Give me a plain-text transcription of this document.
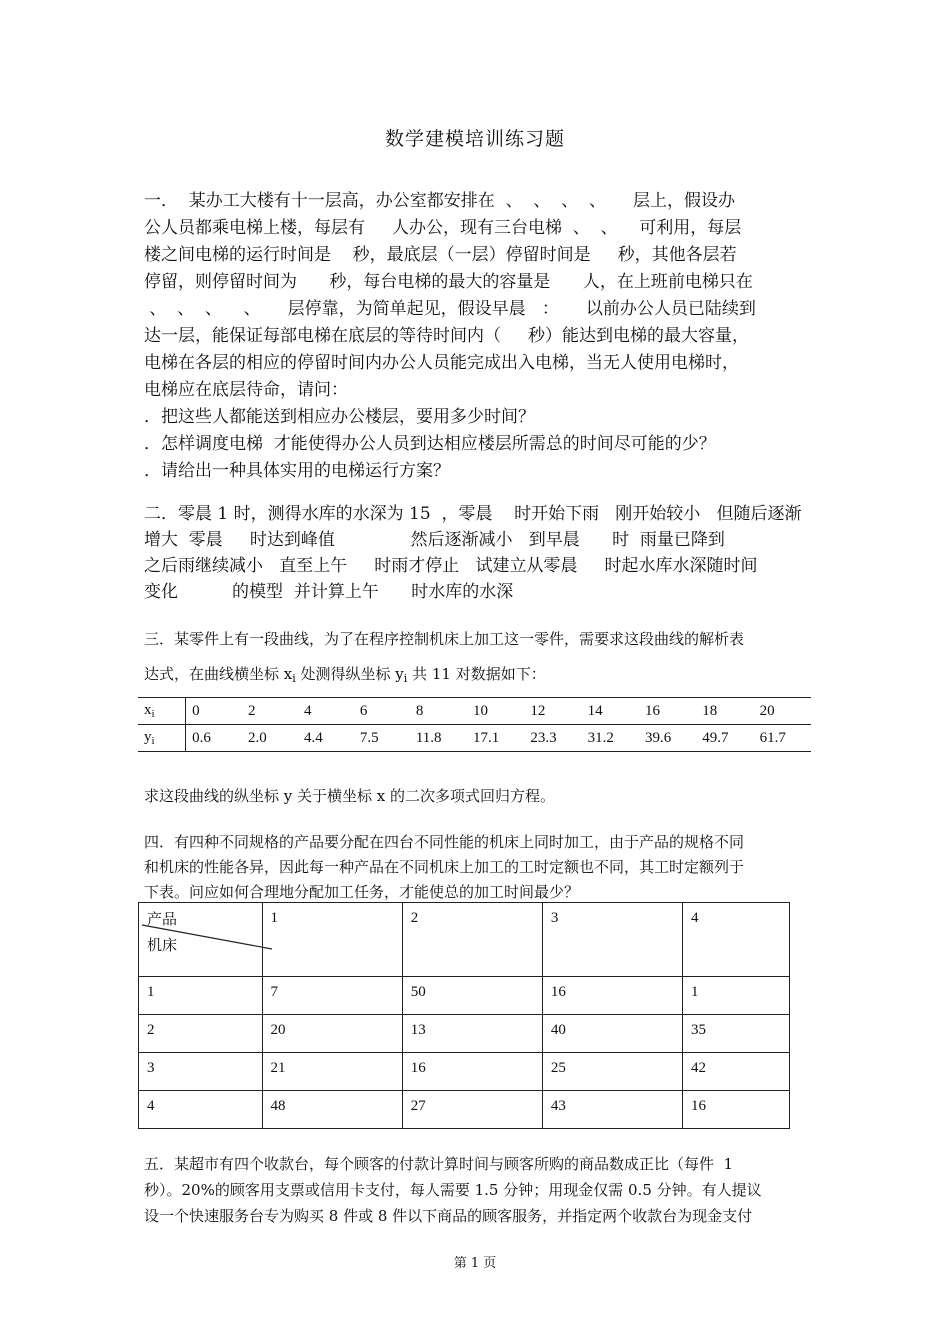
数学建模培训练习题
一．  某办工大楼有十一层高，办公室都安排在  、  、  、  、     层上，假设办
公人员都乘电梯上楼，每层有     人办公，现有三台电梯  、  、    可利用，每层
楼之间电梯的运行时间是    秒，最底层（一层）停留时间是     秒，其他各层若
停留，则停留时间为      秒，每台电梯的最大的容量是      人，在上班前电梯只在
、  、  、    、     层停靠，为简单起见，假设早晨   ：     以前办公人员已陆续到
达一层，能保证每部电梯在底层的等待时间内（     秒）能达到电梯的最大容量，
电梯在各层的相应的停留时间内办公人员能完成出入电梯，当无人使用电梯时，
电梯应在底层待命，请问：
．把这些人都能送到相应办公楼层，要用多少时间？
．怎样调度电梯  才能使得办公人员到达相应楼层所需总的时间尽可能的少？
．请给出一种具体实用的电梯运行方案？
二．零晨 1 时，测得水库的水深为 15  ，零晨    时开始下雨   刚开始较小   但随后逐渐
增大  零晨     时达到峰值              然后逐渐减小   到早晨      时  雨量已降到
之后雨继续减小   直至上午     时雨才停止   试建立从零晨     时起水库水深随时间
变化          的模型  并计算上午      时水库的水深
三．某零件上有一段曲线，为了在程序控制机床上加工这一零件，需要求这段曲线的解析表
达式，在曲线横坐标 $x_i$ 处测得纵坐标 $y_i$ 共 11 对数据如下：
$x_i$	0	2	4	6	8	10	12	14	16	18	20
$y_i$	0.6	2.0	4.4	7.5	11.8	17.1	23.3	31.2	39.6	49.7	61.7
求这段曲线的纵坐标 y 关于横坐标 x 的二次多项式回归方程。
四．有四种不同规格的产品要分配在四台不同性能的机床上同时加工，由于产品的规格不同
和机床的性能各异，因此每一种产品在不同机床上加工的工时定额也不同，其工时定额列于
下表。问应如何合理地分配加工任务，才能使总的加工时间最少？
产品
机床	1	2	3	4
1	7	50	16	1
2	20	13	40	35
3	21	16	25	42
4	48	27	43	16
五．某超市有四个收款台，每个顾客的付款计算时间与顾客所购的商品数成正比（每件  1
秒）。20%的顾客用支票或信用卡支付，每人需要 1.5 分钟；用现金仅需 0.5 分钟。有人提议
设一个快速服务台专为购买 8 件或 8 件以下商品的顾客服务，并指定两个收款台为现金支付
第 1 页
